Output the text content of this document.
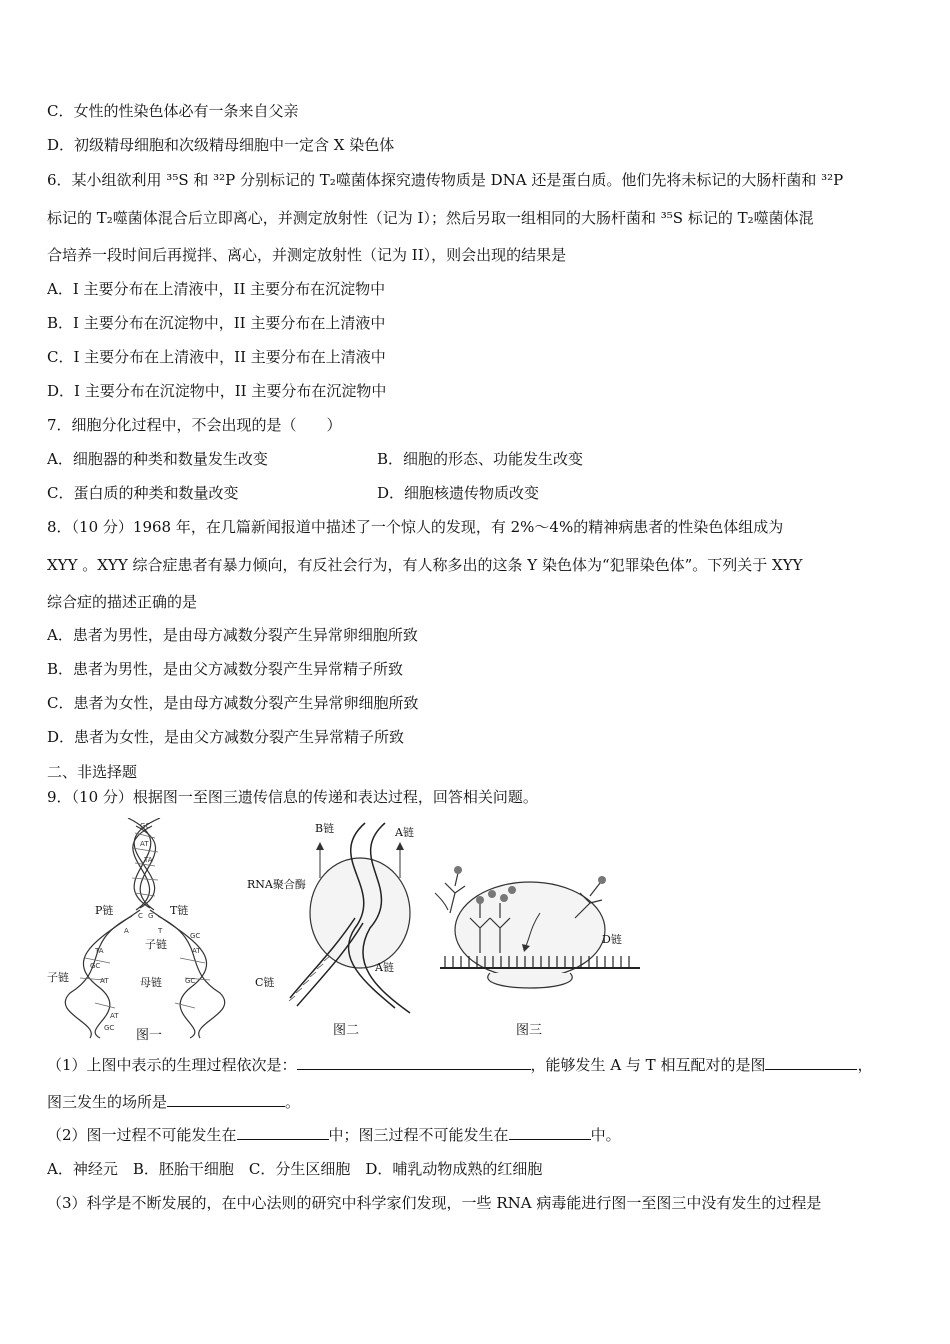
C．女性的性染色体必有一条来自父亲
D．初级精母细胞和次级精母细胞中一定含 X 染色体
6．某小组欲利用 ³⁵S 和 ³²P 分别标记的 T₂噬菌体探究遗传物质是 DNA 还是蛋白质。他们先将未标记的大肠杆菌和 ³²P
标记的 T₂噬菌体混合后立即离心，并测定放射性（记为 I）；然后另取一组相同的大肠杆菌和 ³⁵S 标记的 T₂噬菌体混
合培养一段时间后再搅拌、离心，并测定放射性（记为 II），则会出现的结果是
A．I 主要分布在上清液中，II 主要分布在沉淀物中
B．I 主要分布在沉淀物中，II 主要分布在上清液中
C．I 主要分布在上清液中，II 主要分布在上清液中
D．I 主要分布在沉淀物中，II 主要分布在沉淀物中
7．细胞分化过程中，不会出现的是（　　）
A．细胞器的种类和数量发生改变	B．细胞的形态、功能发生改变
C．蛋白质的种类和数量改变	D．细胞核遗传物质改变
8．（10 分）1968 年，在几篇新闻报道中描述了一个惊人的发现，有 2%～4%的精神病患者的性染色体组成为
XYY 。XYY 综合症患者有暴力倾向，有反社会行为，有人称多出的这条 Y 染色体为“犯罪染色体”。下列关于 XYY
综合症的描述正确的是
A．患者为男性，是由母方减数分裂产生异常卵细胞所致
B．患者为男性，是由父方减数分裂产生异常精子所致
C．患者为女性，是由母方减数分裂产生异常卵细胞所致
D．患者为女性，是由父方减数分裂产生异常精子所致
二、非选择题
9．（10 分）根据图一至图三遗传信息的传递和表达过程，回答相关问题。
GC
AT
TA
C G
A	T
GC
AT
TA
GC
AT	GC
AT
GC
P链	T链
子链
子链	母链
图一
B链	A链
RNA聚合酶
C链
A链
图二
D链
图三
（1）上图中表示的生理过程依次是：	，能够发生 A 与 T 相互配对的是图	，
图三发生的场所是	。
（2）图一过程不可能发生在	中；图三过程不可能发生在	中。
A．神经元　B．胚胎干细胞　C．分生区细胞　D．哺乳动物成熟的红细胞
（3）科学是不断发展的，在中心法则的研究中科学家们发现，一些 RNA 病毒能进行图一至图三中没有发生的过程是
